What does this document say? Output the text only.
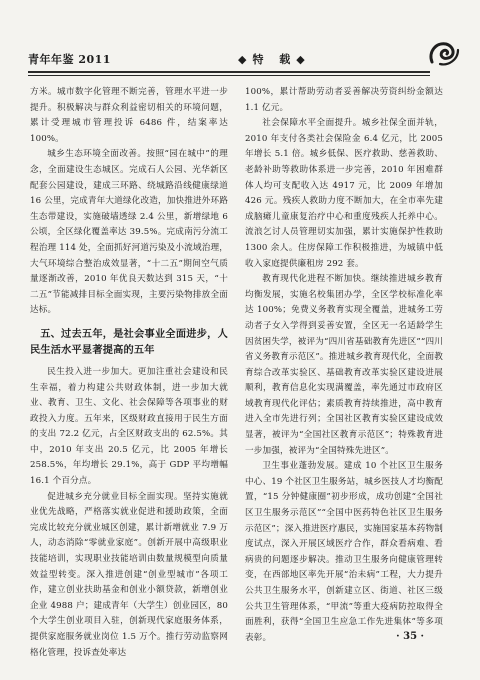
青年年鉴 2011	◆特 载◆

方米。城市数字化管理不断完善，管理水平进一步提升。积极解决与群众利益密切相关的环境问题，累计受理城市管理投诉 6486 件，结案率达 100%。

城乡生态环境全面改善。按照“园在城中”的理念，全面建设生态城区。完成石人公园、光华新区配套公园建设，建成三环路、绕城路沿线健康绿道 16 公里，完成青年大道绿化改造，加快推进外环路生态带建设，实施破墙透绿 2.4 公里，新增绿地 6 公顷，全区绿化覆盖率达 39.5%。完成南污分流工程治理 114 处，全面抓好河道污染及小流域治理，大气环境综合整治成效显著，“十二五”期间空气质量逐渐改善，2010 年优良天数达到 315 天，“十二五”节能减排目标全面实现，主要污染物排放全面达标。

五、过去五年，是社会事业全面进步，人民生活水平显著提高的五年

民生投入进一步加大。更加注重社会建设和民生幸福，着力构建公共财政体制，进一步加大就业、教育、卫生、文化、社会保障等各项事业的财政投入力度。五年来，区级财政直接用于民生方面的支出 72.2 亿元，占全区财政支出的 62.5%。其中，2010 年支出 20.5 亿元，比 2005 年增长 258.5%，年均增长 29.1%，高于 GDP 平均增幅 16.1 个百分点。

促进城乡充分就业目标全面实现。坚持实施就业优先战略，严格落实就业促进和援助政策，全面完成比较充分就业城区创建，累计新增就业 7.9 万人，动态消除“零就业家庭”。创新开展中高级职业技能培训，实现职业技能培训由数量规模型向质量效益型转变。深入推进创建“创业型城市”各项工作，建立创业扶助基金和创业小额贷款，新增创业企业 4988 户；建成青年（大学生）创业园区，80 个大学生创业项目入驻，创新现代家庭服务体系，提供家庭服务就业岗位 1.5 万个。推行劳动监察网格化管理，投诉查处率达

100%，累计帮助劳动者妥善解决劳资纠纷金额达 1.1 亿元。

社会保障水平全面提升。城乡社保全面并轨，2010 年支付各类社会保险金 6.4 亿元，比 2005 年增长 5.1 倍。城乡低保、医疗救助、慈善救助、老龄补助等救助体系进一步完善，2010 年困难群体人均可支配收入达 4917 元，比 2009 年增加 426 元。残疾人救助力度不断加大，在全市率先建成脑瘫儿童康复治疗中心和重度残疾人托养中心。流浪乞讨人员管理切实加强，累计实施保护性救助 1300 余人。住房保障工作积极推进，为城镇中低收入家庭提供廉租房 292 套。

教育现代化进程不断加快。继续推进城乡教育均衡发展，实施名校集团办学，全区学校标准化率达 100%；免费义务教育实现全覆盖，进城务工劳动者子女入学得到妥善安置，全区无一名适龄学生因贫困失学，被评为“四川省基础教育先进区”“四川省义务教育示范区”。推进城乡教育现代化，全面教育综合改革实验区、基础教育改革实验区建设进展顺利，教育信息化实现满覆盖，率先通过市政府区域教育现代化评估；素质教育持续推进，高中教育进入全市先进行列；全国社区教育实验区建设成效显著，被评为“全国社区教育示范区”；特殊教育进一步加强，被评为“全国特殊先进区”。

卫生事业蓬勃发展。建成 10 个社区卫生服务中心、19 个社区卫生服务站，城乡医技人才均衡配置，“15 分钟健康圈”初步形成，成功创建“全国社区卫生服务示范区”“全国中医药特色社区卫生服务示范区”；深入推进医疗惠民，实施国家基本药物制度试点，深入开展区域医疗合作，群众看病难、看病贵的问题逐步解决。推动卫生服务向健康管理转变，在西部地区率先开展“治未病”工程，大力提升公共卫生服务水平，创新建立区、街道、社区三级公共卫生管理体系，“甲流”等重大疫病防控取得全面胜利，获得“全国卫生应急工作先进集体”等多项表彰。	· 35 ·
